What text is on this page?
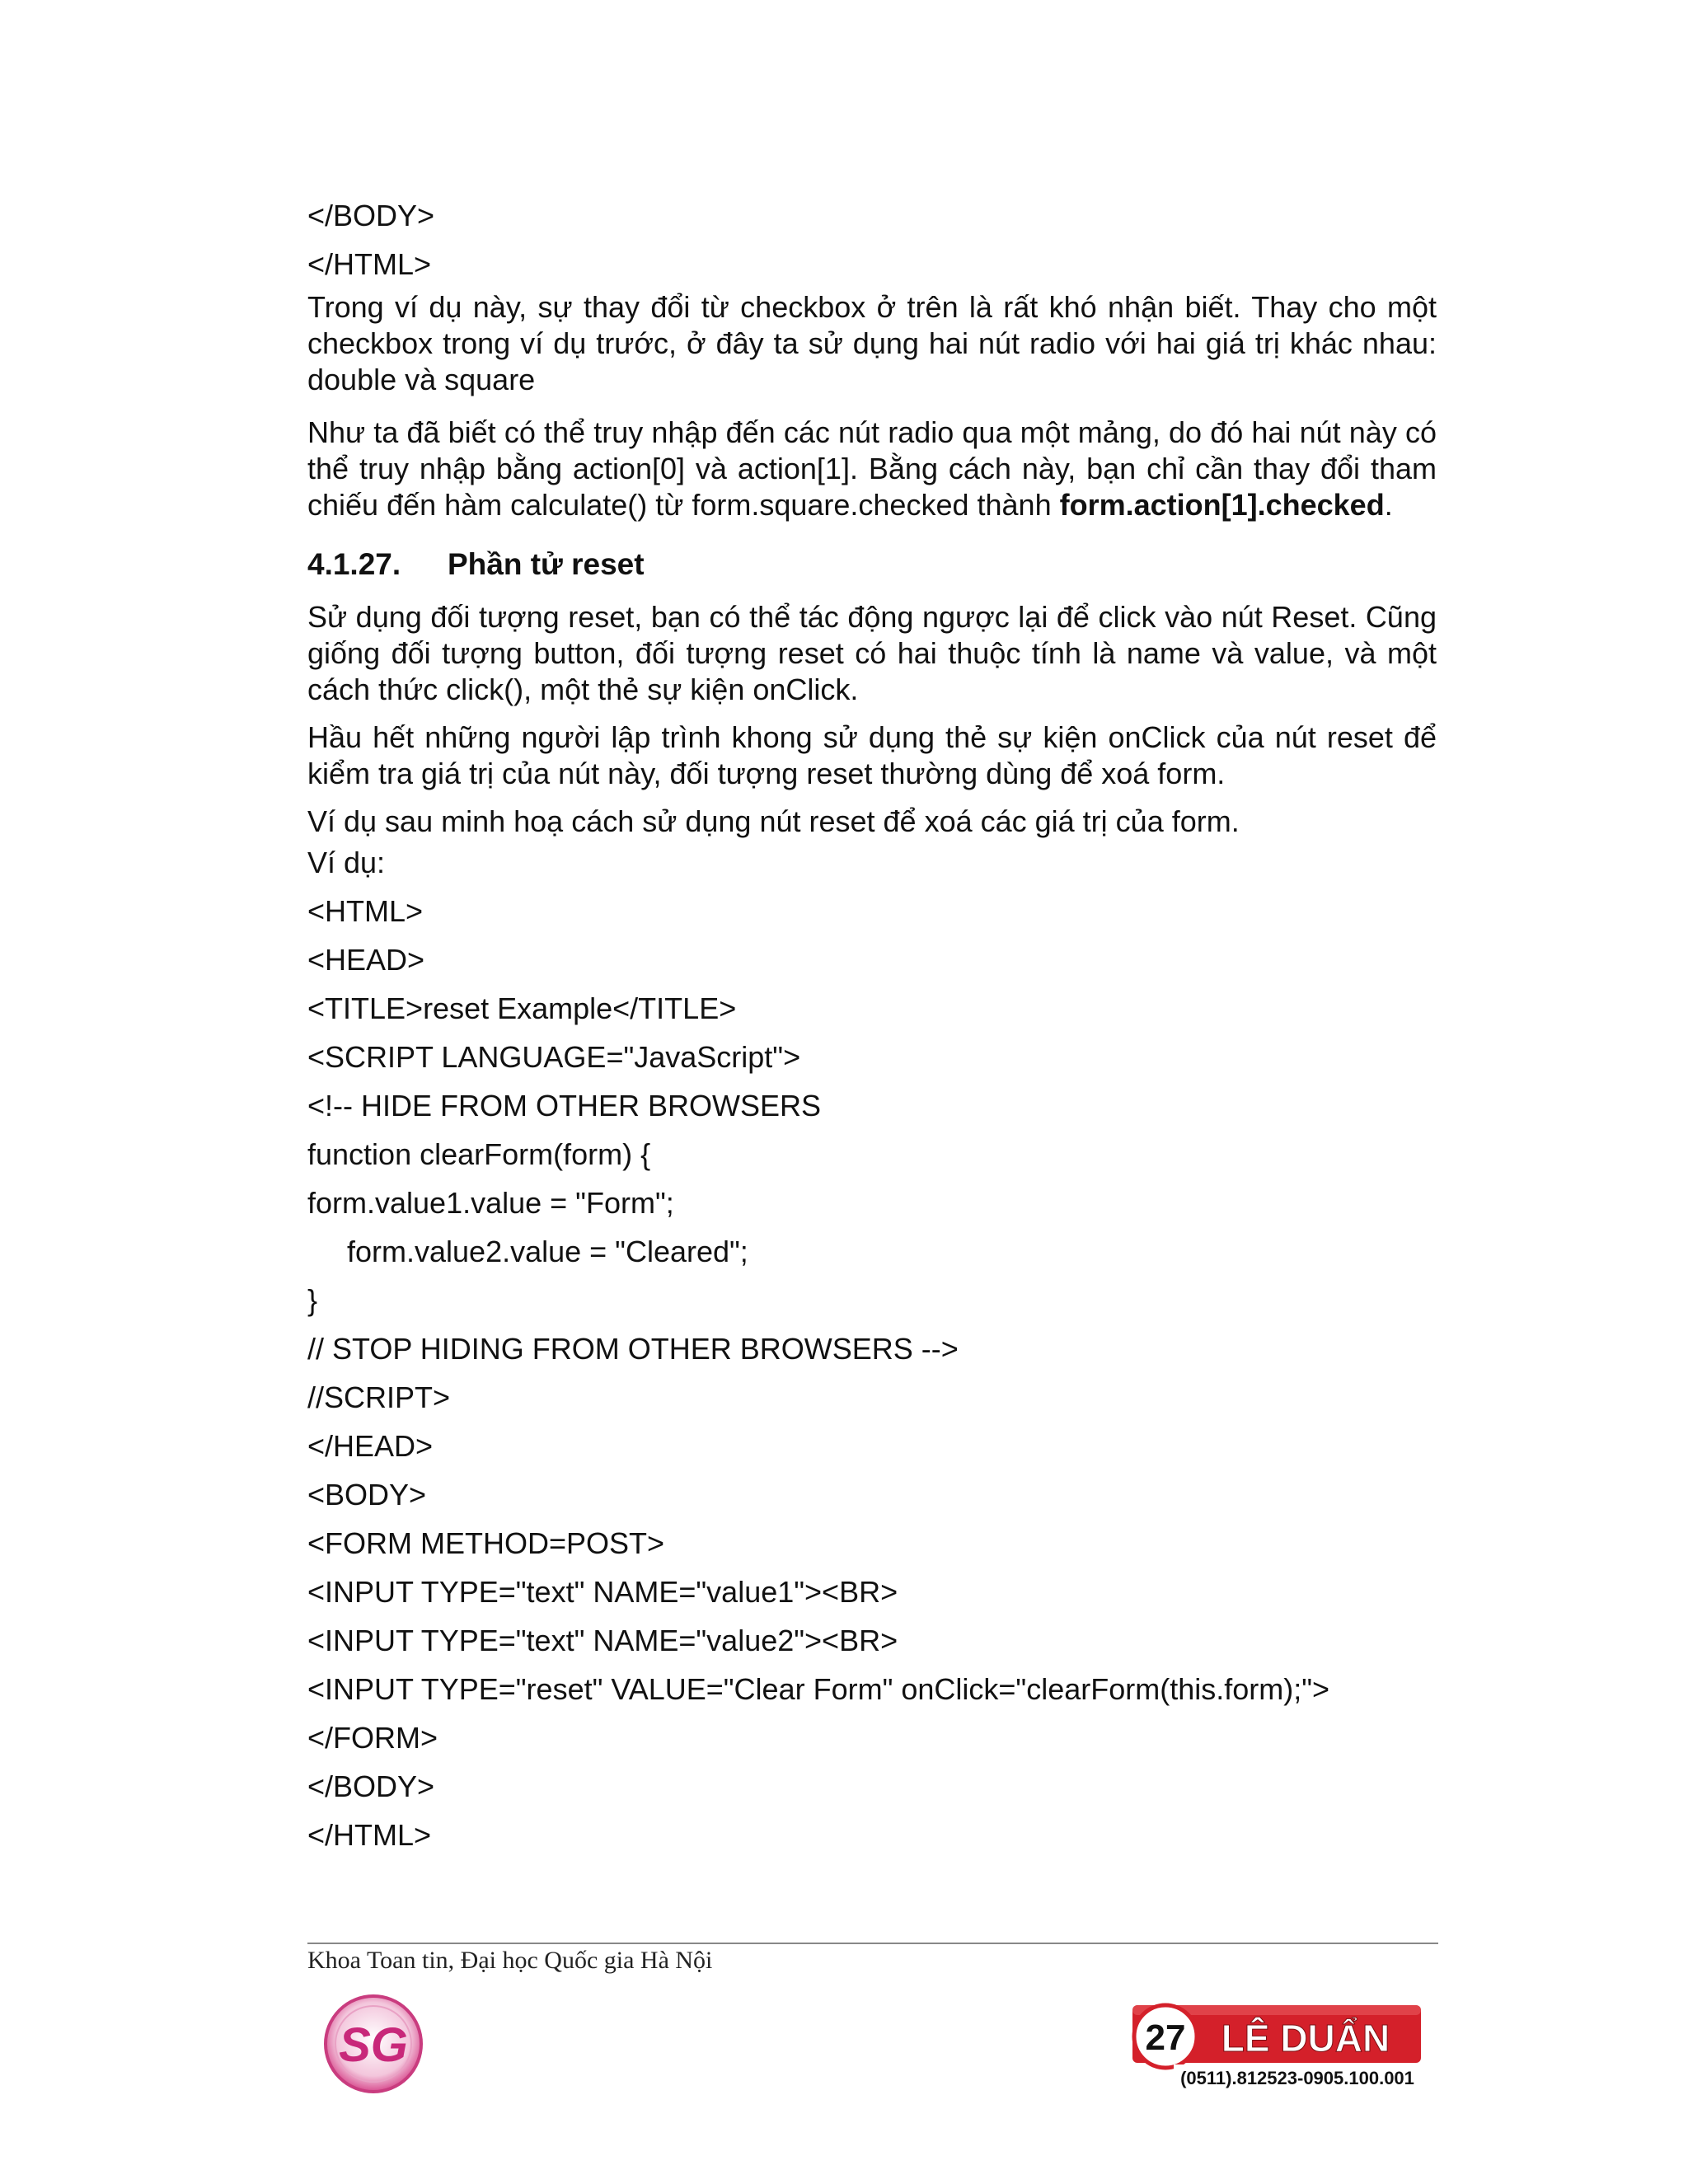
</BODY>

</HTML>

Trong ví dụ này, sự thay đổi từ checkbox ở trên là rất khó nhận biết. Thay cho một checkbox trong ví dụ trước, ở đây ta sử dụng hai nút radio với hai giá trị khác nhau: double và square

Như ta đã biết có thể truy nhập đến các nút radio qua một mảng, do đó hai nút này có thể truy nhập bằng action[0] và action[1]. Bằng cách này, bạn chỉ cần thay đổi tham chiếu đến hàm calculate() từ form.square.checked thành form.action[1].checked.

4.1.27.	Phần tử reset

Sử dụng đối tượng reset, bạn có thể tác động ngược lại để click vào nút Reset. Cũng giống đối tượng button, đối tượng reset có hai thuộc tính là name và value, và một cách thức click(), một thẻ sự kiện onClick.

Hầu hết những người lập trình khong sử dụng thẻ sự kiện onClick của nút reset để kiểm tra giá trị của nút này, đối tượng reset thường dùng để xoá form.

Ví dụ sau minh hoạ cách sử dụng nút reset để xoá các giá trị của form.

Ví dụ:

<HTML>

<HEAD>

<TITLE>reset Example</TITLE>

<SCRIPT LANGUAGE="JavaScript">

<!-- HIDE FROM OTHER BROWSERS

function clearForm(form) {

form.value1.value = "Form";

form.value2.value = "Cleared";

}

// STOP HIDING FROM OTHER BROWSERS -->

//SCRIPT>

</HEAD>

<BODY>

<FORM METHOD=POST>

<INPUT TYPE="text" NAME="value1"><BR>

<INPUT TYPE="text" NAME="value2"><BR>

<INPUT TYPE="reset" VALUE="Clear Form" onClick="clearForm(this.form);">

</FORM>

</BODY>

</HTML>

Khoa Toan tin, Đại học Quốc gia Hà Nội
SG	27 LÊ DUẨN
(0511).812523-0905.100.001
